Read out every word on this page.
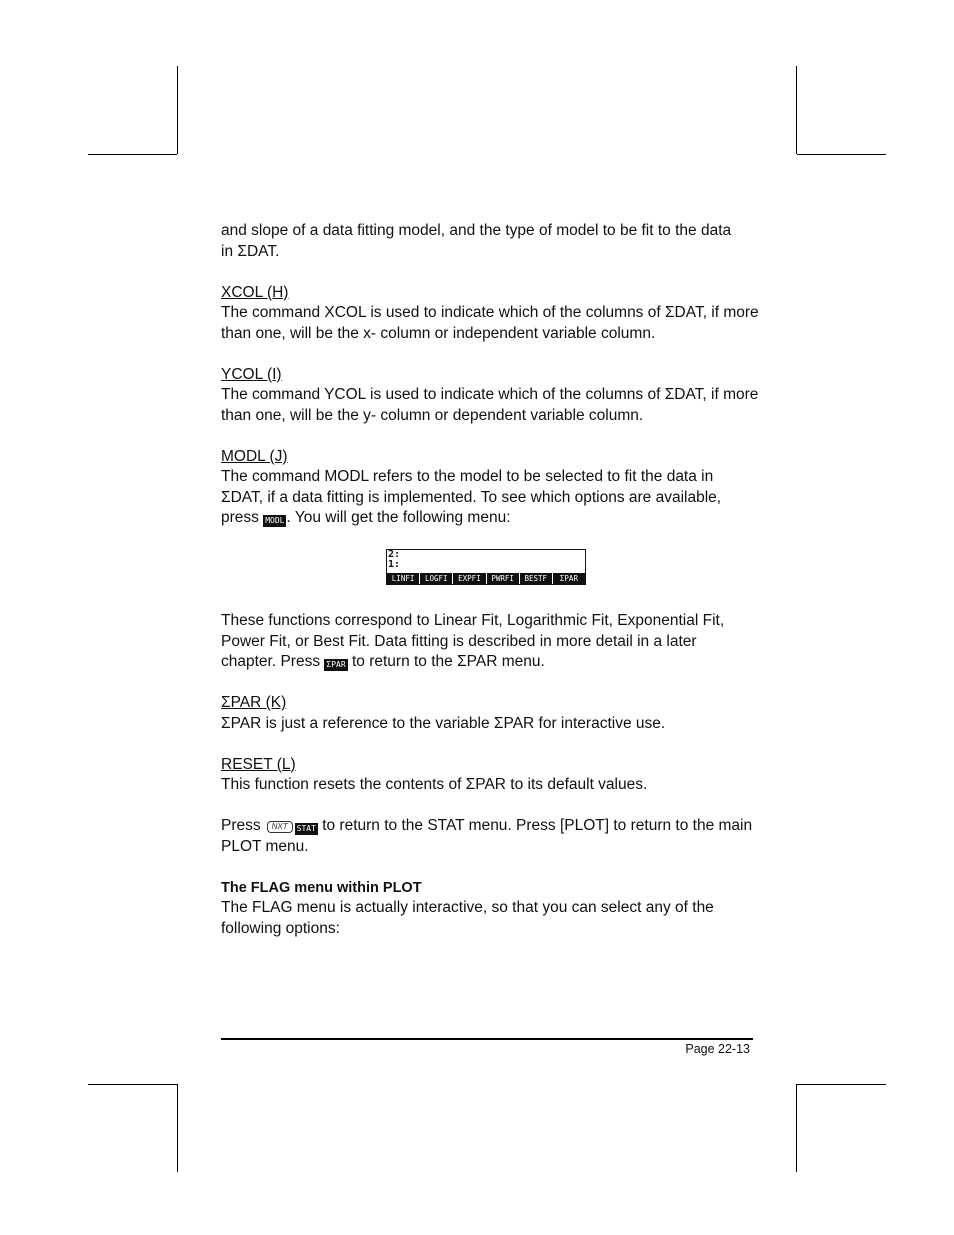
and slope of a data fitting model, and the type of model to be fit to the data
in ΣDAT.

XCOL (H)
The command XCOL is used to indicate which of the columns of ΣDAT, if more
than one, will be the x- column or independent variable column.

YCOL (I)
The command YCOL is used to indicate which of the columns of ΣDAT, if more
than one, will be the y- column or dependent variable column.

MODL (J)
The command MODL refers to the model to be selected to fit the data in
ΣDAT, if a data fitting is implemented. To see which options are available,
press MODL . You will get the following menu:

These functions correspond to Linear Fit, Logarithmic Fit, Exponential Fit,
Power Fit, or Best Fit. Data fitting is described in more detail in a later
chapter. Press ΣPAR to return to the ΣPAR menu.

ΣPAR (K)
ΣPAR is just a reference to the variable ΣPAR for interactive use.

RESET (L)
This function resets the contents of ΣPAR to its default values.

Press NXT STAT to return to the STAT menu. Press [PLOT] to return to the main
PLOT menu.

The FLAG menu within PLOT
The FLAG menu is actually interactive, so that you can select any of the
following options:

2:
1:
LINFI	LOGFI	EXPFI	PWRFI	BESTF	ΣPAR
Page 22-13
